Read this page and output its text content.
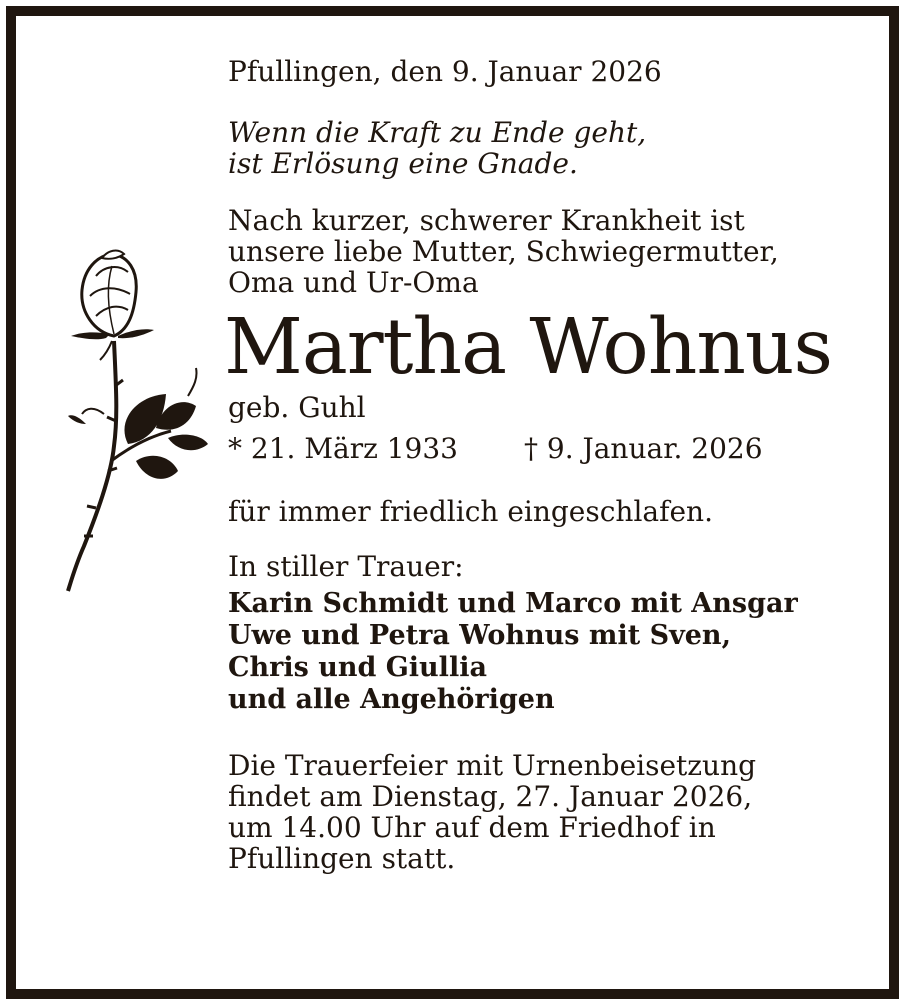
Pfullingen, den 9. Januar 2026
Wenn die Kraft zu Ende geht,
ist Erlösung eine Gnade.
Nach kurzer, schwerer Krankheit ist
unsere liebe Mutter, Schwiegermutter,
Oma und Ur-Oma
Martha Wohnus
geb. Guhl
* 21. März 1933	† 9. Januar. 2026
für immer friedlich eingeschlafen.
In stiller Trauer:
Karin Schmidt und Marco mit Ansgar
Uwe und Petra Wohnus mit Sven,
Chris und Giullia
und alle Angehörigen
Die Trauerfeier mit Urnenbeisetzung
findet am Dienstag, 27. Januar 2026,
um 14.00 Uhr auf dem Friedhof in
Pfullingen statt.
